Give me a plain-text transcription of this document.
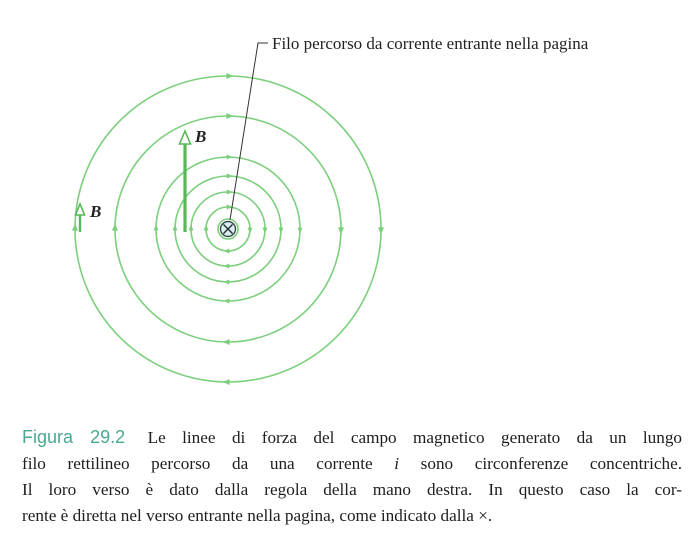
Filo percorso da corrente entrante nella pagina
B
B
Figura 29.2 Le linee di forza del campo magnetico generato da un lungo
filo rettilineo percorso da una corrente i sono circonferenze concentriche.
Il loro verso è dato dalla regola della mano destra. In questo caso la cor-
rente è diretta nel verso entrante nella pagina, come indicato dalla ×.
